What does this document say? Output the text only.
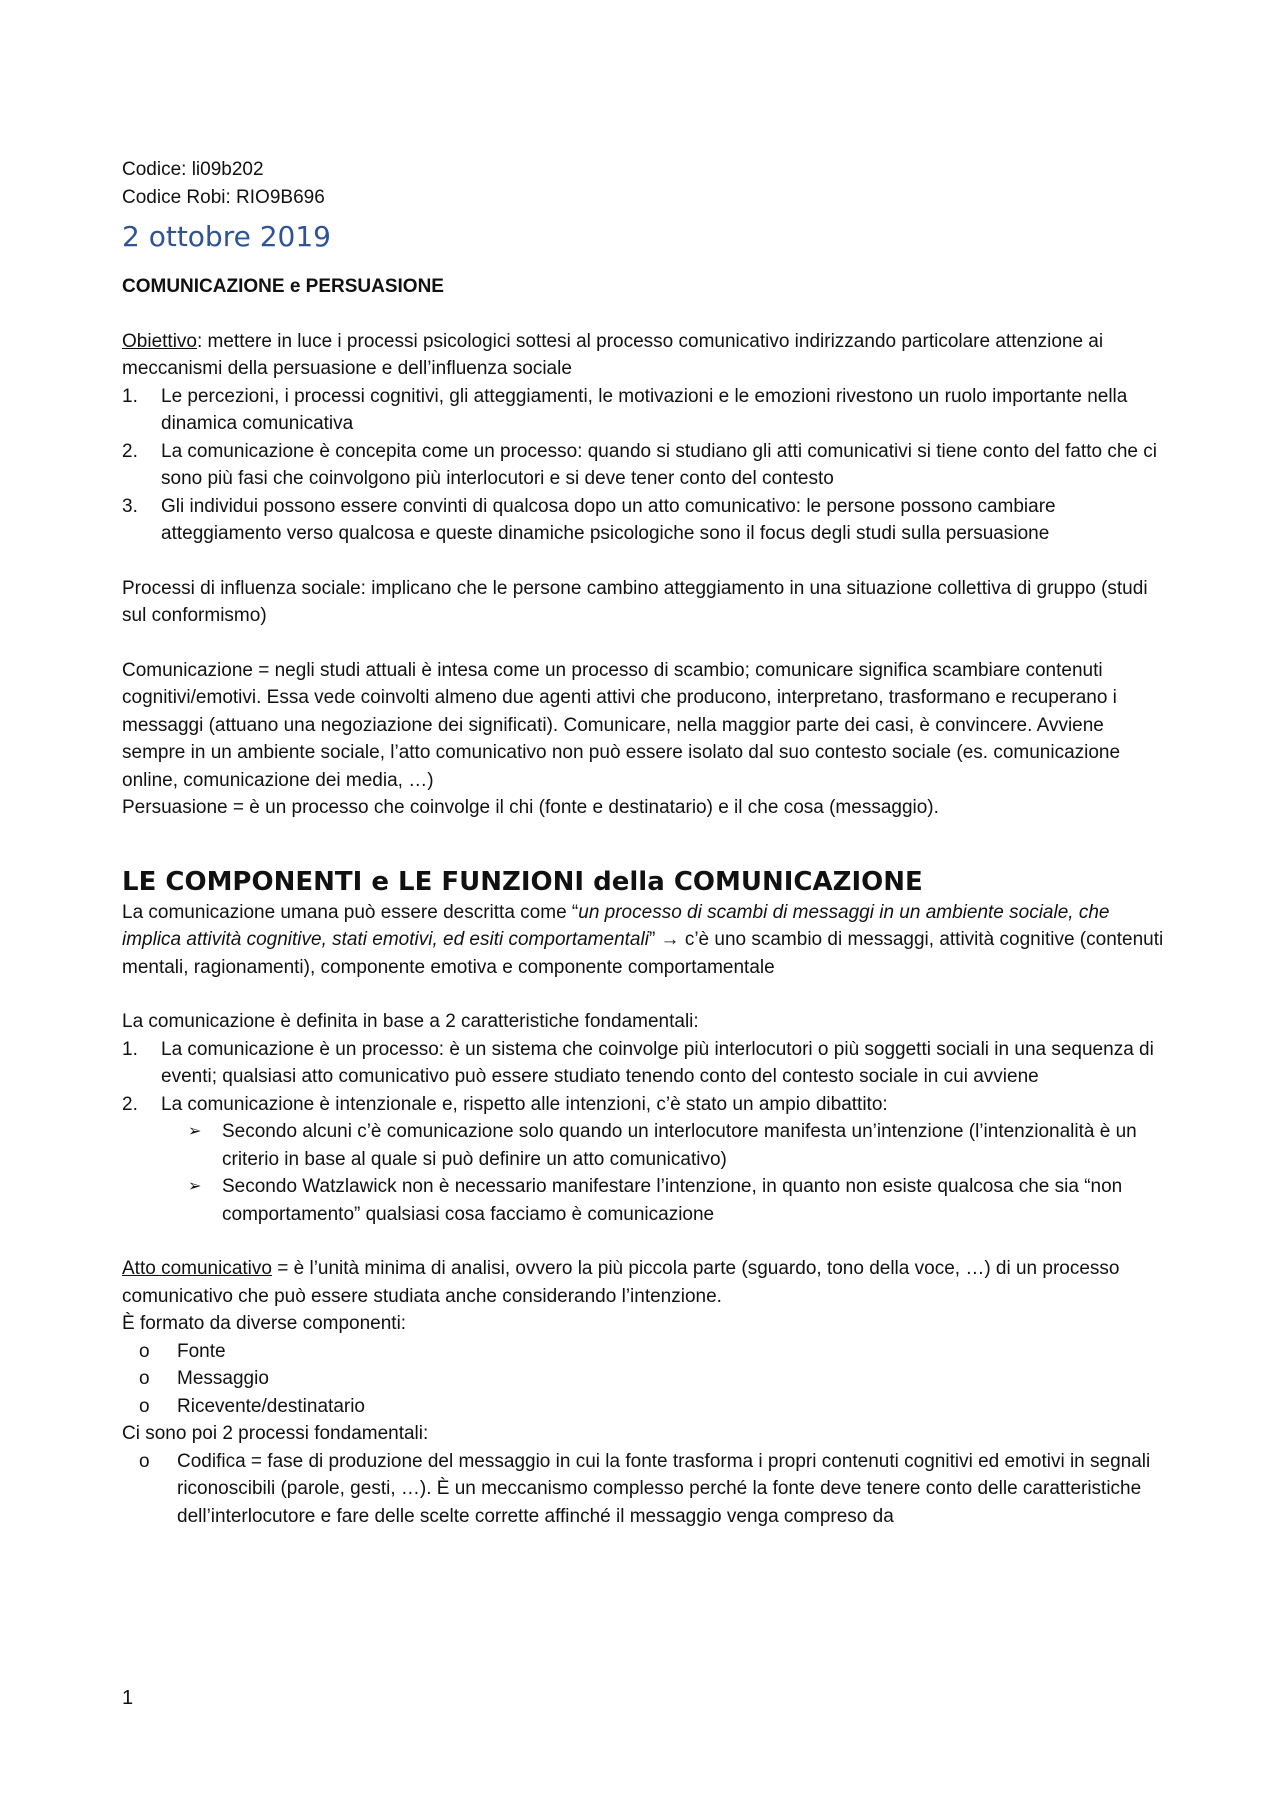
Codice: li09b202

Codice Robi: RIO9B696

2 ottobre 2019

COMUNICAZIONE e PERSUASIONE

Obiettivo: mettere in luce i processi psicologici sottesi al processo comunicativo indirizzando particolare attenzione ai meccanismi della persuasione e dell’influenza sociale

1. Le percezioni, i processi cognitivi, gli atteggiamenti, le motivazioni e le emozioni rivestono un ruolo importante nella dinamica comunicativa
2. La comunicazione è concepita come un processo: quando si studiano gli atti comunicativi si tiene conto del fatto che ci sono più fasi che coinvolgono più interlocutori e si deve tener conto del contesto
3. Gli individui possono essere convinti di qualcosa dopo un atto comunicativo: le persone possono cambiare atteggiamento verso qualcosa e queste dinamiche psicologiche sono il focus degli studi sulla persuasione

Processi di influenza sociale: implicano che le persone cambino atteggiamento in una situazione collettiva di gruppo (studi sul conformismo)

Comunicazione = negli studi attuali è intesa come un processo di scambio; comunicare significa scambiare contenuti cognitivi/emotivi. Essa vede coinvolti almeno due agenti attivi che producono, interpretano, trasformano e recuperano i messaggi (attuano una negoziazione dei significati). Comunicare, nella maggior parte dei casi, è convincere. Avviene sempre in un ambiente sociale, l’atto comunicativo non può essere isolato dal suo contesto sociale (es. comunicazione online, comunicazione dei media, …)

Persuasione = è un processo che coinvolge il chi (fonte e destinatario) e il che cosa (messaggio).

LE COMPONENTI e LE FUNZIONI della COMUNICAZIONE

La comunicazione umana può essere descritta come “un processo di scambi di messaggi in un ambiente sociale, che implica attività cognitive, stati emotivi, ed esiti comportamentali” → c’è uno scambio di messaggi, attività cognitive (contenuti mentali, ragionamenti), componente emotiva e componente comportamentale

La comunicazione è definita in base a 2 caratteristiche fondamentali:

1. La comunicazione è un processo: è un sistema che coinvolge più interlocutori o più soggetti sociali in una sequenza di eventi; qualsiasi atto comunicativo può essere studiato tenendo conto del contesto sociale in cui avviene
2. La comunicazione è intenzionale e, rispetto alle intenzioni, c’è stato un ampio dibattito:
➢ Secondo alcuni c’è comunicazione solo quando un interlocutore manifesta un’intenzione (l’intenzionalità è un criterio in base al quale si può definire un atto comunicativo)
➢ Secondo Watzlawick non è necessario manifestare l’intenzione, in quanto non esiste qualcosa che sia “non comportamento” qualsiasi cosa facciamo è comunicazione

Atto comunicativo = è l’unità minima di analisi, ovvero la più piccola parte (sguardo, tono della voce, …) di un processo comunicativo che può essere studiata anche considerando l’intenzione.

È formato da diverse componenti:

o Fonte
o Messaggio
o Ricevente/destinatario

Ci sono poi 2 processi fondamentali:

o Codifica = fase di produzione del messaggio in cui la fonte trasforma i propri contenuti cognitivi ed emotivi in segnali riconoscibili (parole, gesti, …). È un meccanismo complesso perché la fonte deve tenere conto delle caratteristiche dell’interlocutore e fare delle scelte corrette affinché il messaggio venga compreso da
1
